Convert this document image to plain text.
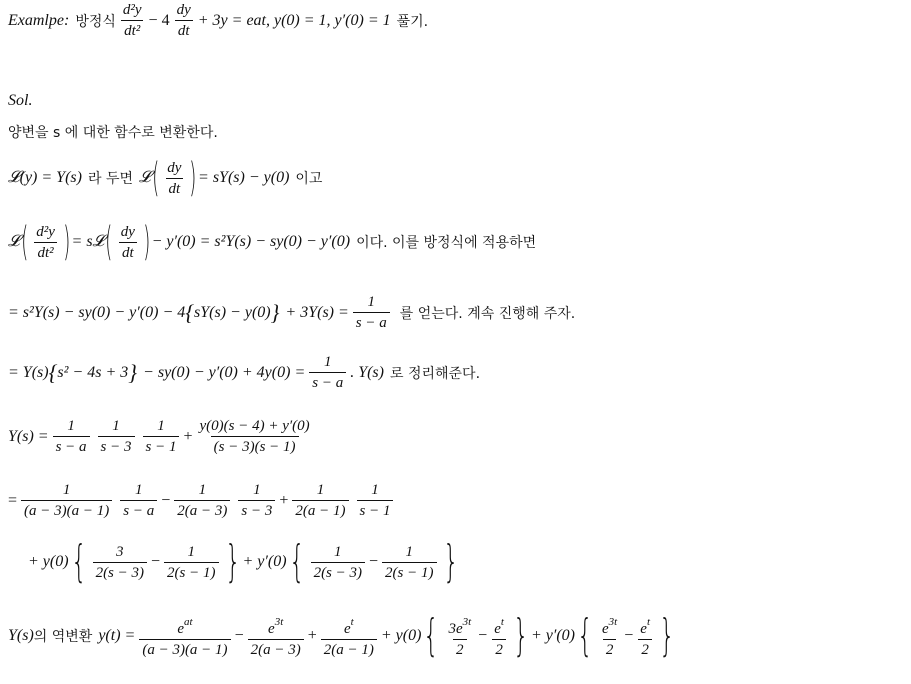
Examlpe: 방정식 $\frac{\text{d²y}}{\text{dt²}} - 4 \frac{dy}{dt} + 3y = e$ at , y(0) = 1, y′(0) = 1 풀기.
Sol.
양변을 s 에 대한 함수로 변환한다.
𝓛(y) = Y(s) 라 두면 𝓛 ( $\frac{dy}{dt}$ ) = sY(s) − y(0) 이고
𝓛 ( $\frac{\text{d²y}}{\text{dt²}}$ ) = s𝓛 ( $\frac{dy}{dt}$ ) − y′(0) = s²Y(s) − sy(0) − y′(0) 이다. 이를 방정식에 적용하면
= s²Y(s) − sy(0) − y′(0) − 4 { sY(s) − y(0) } + $3Y(s) = \frac{1}{s - a}$ 를 얻는다. 계속 진행해 주자.
= Y(s) { s² − 4s + 3 } − $sy(0) - y'(0) + 4y(0) = \frac{1}{s - a}$ . Y(s) 로 정리해준다.
$Y(s) = \frac{1}{s - a} \frac{1}{s - 3} \frac{1}{s - 1} + \frac{y(0)(s - 4) + y'(0)}{(s - 3)(s - 1)}$
= $\frac{1}{(a - 3)(a - 1)} \frac{1}{s - a} - \frac{1}{2(a - 3)} \frac{1}{s - 3} + \frac{1}{2(a - 1)} \frac{1}{s - 1}$
+ y(0) { $\frac{3}{2(s - 3)} - \frac{1}{2(s - 1)}$ } + y′(0) { $\frac{1}{2(s - 3)} - \frac{1}{2(s - 1)}$ }
Y(s) 의 역변환 $y(t) = \frac{e^{at}}{(a - 3)(a - 1)} - \frac{e^{3t}}{2(a - 3)} + \frac{e^t}{2(a - 1)} + y(0)$ { $\frac{3e^{3t}}{2} - \frac{e^t}{2}$ } + y′(0) { $\frac{e^{3t}}{2} - \frac{e^t}{2}$ }
